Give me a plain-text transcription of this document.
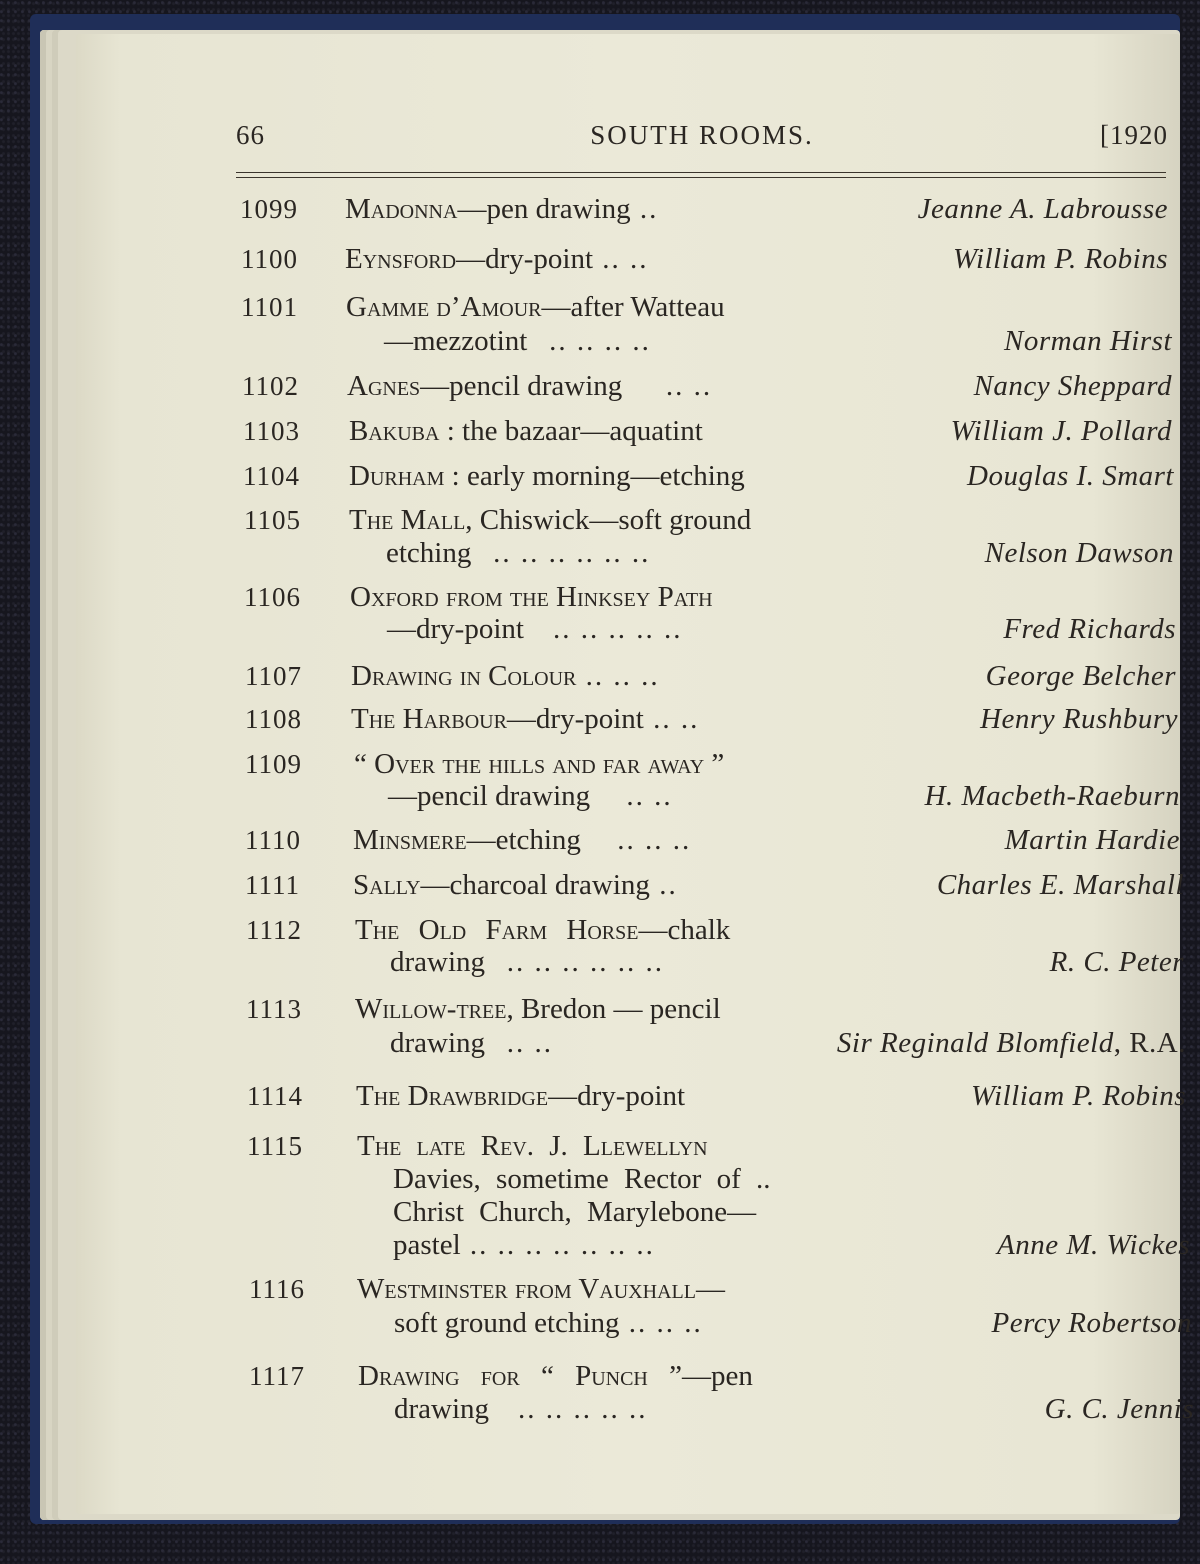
66	SOUTH ROOMS.	[1920
1099 Madonna—pen drawing ..	Jeanne A. Labrousse
1100 Eynsford—dry-point .. ..	William P. Robins
1101 Gamme d’Amour—after Watteau
—mezzotint .. .. .. ..	Norman Hirst
1102 Agnes—pencil drawing .. ..	Nancy Sheppard
1103 Bakuba : the bazaar—aquatint	William J. Pollard
1104 Durham : early morning—etching	Douglas I. Smart
1105 The Mall, Chiswick—soft ground
etching .. .. .. .. .. ..	Nelson Dawson
1106 Oxford from the Hinksey Path
—dry-point .. .. .. .. ..	Fred Richards
1107 Drawing in Colour .. .. ..	George Belcher
1108 The Harbour—dry-point .. ..	Henry Rushbury
1109 “ Over the hills and far away ”
—pencil drawing .. ..	H. Macbeth-Raeburn
1110 Minsmere—etching .. .. ..	Martin Hardie
1111 Sally—charcoal drawing ..	Charles E. Marshall
1112 The Old Farm Horse—chalk
drawing .. .. .. .. .. ..	R. C. Peter
1113 Willow-tree, Bredon — pencil
drawing .. ..	Sir Reginald Blomfield, R.A.
1114 The Drawbridge—dry-point	William P. Robins
1115 The late Rev. J. Llewellyn
Davies, sometime Rector of ..
Christ Church, Marylebone—
pastel .. .. .. .. .. .. ..	Anne M. Wickes
1116 Westminster from Vauxhall—
soft ground etching .. .. ..	Percy Robertson
1117 Drawing for “ Punch ”—pen
drawing .. .. .. .. ..	G. C. Jennis
